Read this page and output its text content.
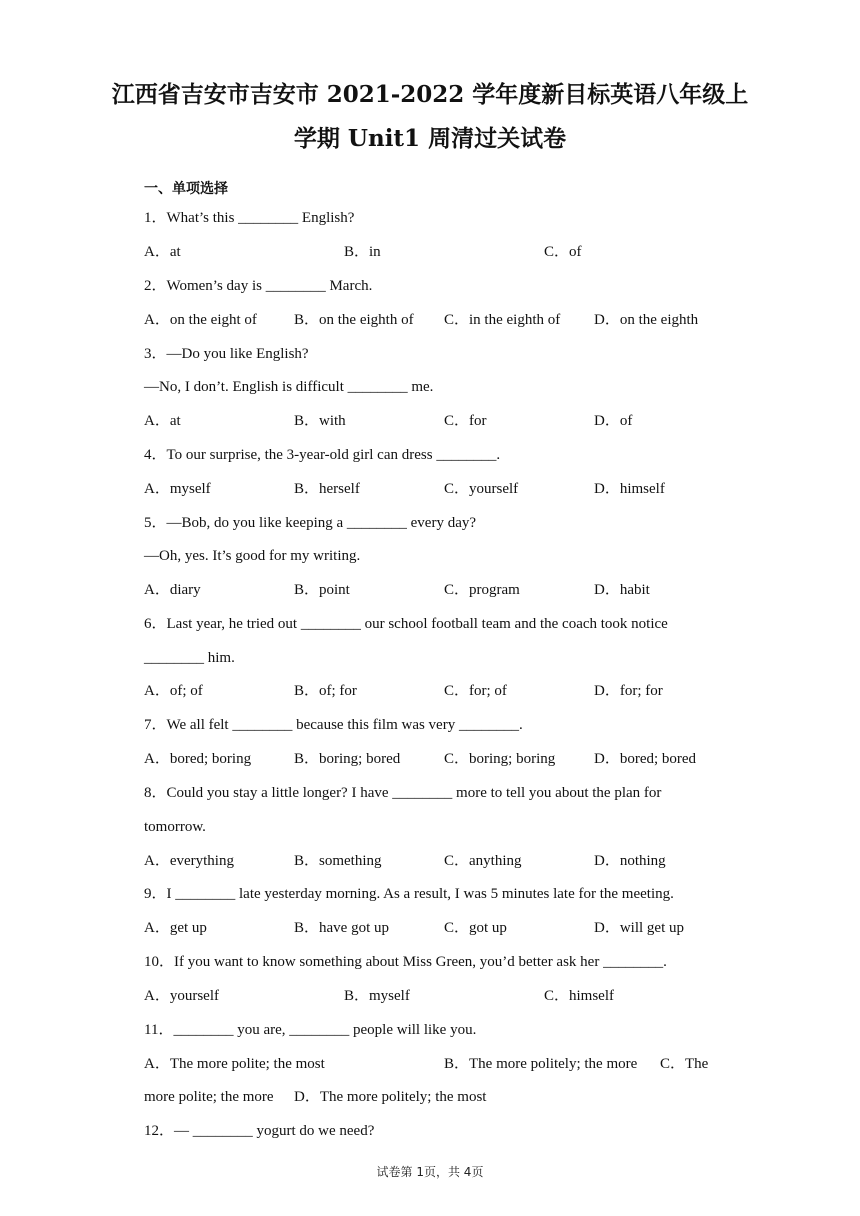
江西省吉安市吉安市 2021-2022 学年度新目标英语八年级上
学期 Unit1 周清过关试卷
一、单项选择
1．What’s this ________ English?
A．at	B．in	C．of
2．Women’s day is ________ March.
A．on the eight of B．on the eighth of C．in the eighth of D．on the eighth
3．—Do you like English?
—No, I don’t. English is difficult ________ me.
A．at	B．with	C．for	D．of
4．To our surprise, the 3-year-old girl can dress ________.
A．myself	B．herself	C．yourself	D．himself
5．—Bob, do you like keeping a ________ every day?
—Oh, yes. It’s good for my writing.
A．diary	B．point	C．program	D．habit
6．Last year, he tried out ________ our school football team and the coach took notice
________ him.
A．of; of	B．of; for	C．for; of	D．for; for
7．We all felt ________ because this film was very ________.
A．bored; boring	B．boring; bored	C．boring; boring	D．bored; bored
8．Could you stay a little longer? I have ________ more to tell you about the plan for
tomorrow.
A．everything	B．something	C．anything	D．nothing
9．I ________ late yesterday morning. As a result, I was 5 minutes late for the meeting.
A．get up	B．have got up	C．got up	D．will get up
10．If you want to know something about Miss Green, you’d better ask her ________.
A．yourself	B．myself	C．himself
11．________ you are, ________ people will like you.
A．The more polite; the most	B．The more politely; the more C．The
more polite; the more D．The more politely; the most
12．— ________ yogurt do we need?
试卷第 1页，共 4页
